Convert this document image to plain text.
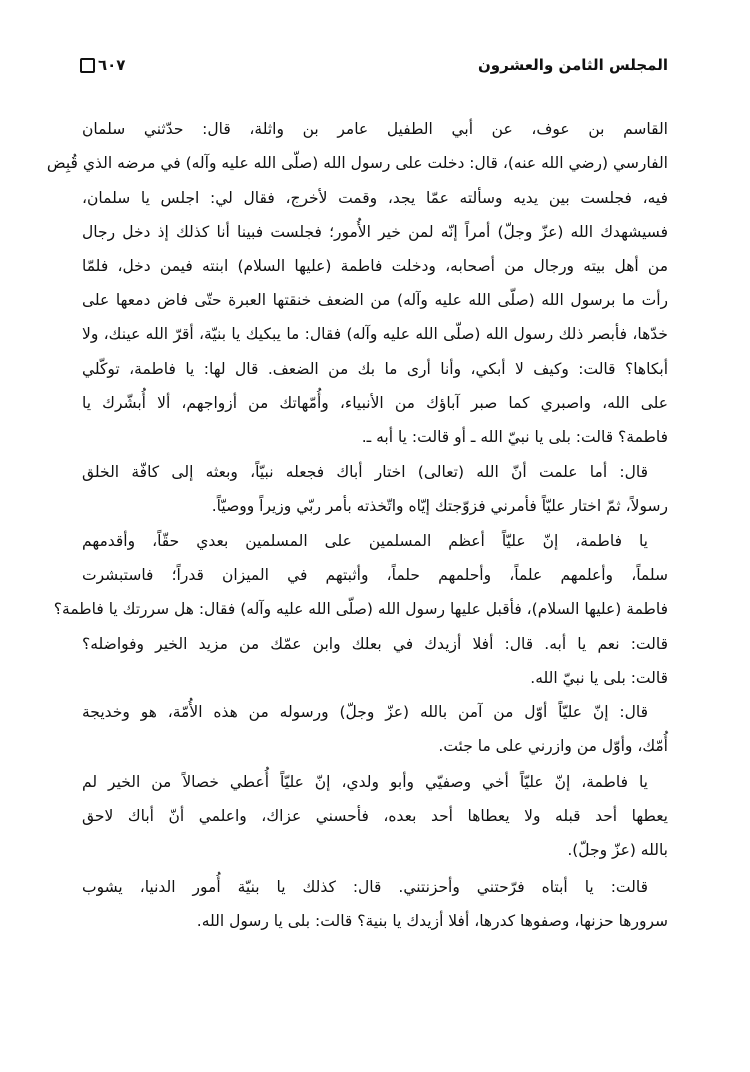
المجلس الثامن والعشرون
٦٠٧
القاسم بن عوف، عن أبي الطفيل عامر بن واثلة، قال: حدّثني سلمان
الفارسي (رضي الله عنه)، قال: دخلت على رسول الله (صلّى الله عليه وآله) في مرضه الذي قُبِض
فيه، فجلست بين يديه وسألته عمّا يجد، وقمت لأخرج، فقال لي: اجلس يا سلمان،
فسيشهدك الله (عزّ وجلّ) أمراً إنّه لمن خير الأُمور؛ فجلست فبينا أنا كذلك إذ دخل رجال
من أهل بيته ورجال من أصحابه، ودخلت فاطمة (عليها السلام) ابنته فيمن دخل، فلمّا
رأت ما برسول الله (صلّى الله عليه وآله) من الضعف خنقتها العبرة حتّى فاض دمعها على
خدّها، فأبصر ذلك رسول الله (صلّى الله عليه وآله) فقال: ما يبكيك يا بنيّة، أقرّ الله عينك، ولا
أبكاها؟ قالت: وكيف لا أبكي، وأنا أرى ما بك من الضعف. قال لها: يا فاطمة، توكّلي
على الله، واصبري كما صبر آباؤك من الأنبياء، وأُمّهاتك من أزواجهم، ألا أُبشّرك يا
فاطمة؟ قالت: بلى يا نبيّ الله ـ أو قالت: يا أبه ـ.
قال: أما علمت أنّ الله (تعالى) اختار أباك فجعله نبيّاً، وبعثه إلى كافّة الخلق
رسولاً، ثمّ اختار عليّاً فأمرني فزوّجتك إيّاه واتّخذته بأمر ربّي وزيراً ووصيّاً.
يا فاطمة، إنّ عليّاً أعظم المسلمين على المسلمين بعدي حقّاً، وأقدمهم
سلماً، وأعلمهم علماً، وأحلمهم حلماً، وأثبتهم في الميزان قدراً؛ فاستبشرت
فاطمة (عليها السلام)، فأقبل عليها رسول الله (صلّى الله عليه وآله) فقال: هل سررتك يا فاطمة؟
قالت: نعم يا أبه. قال: أفلا أزيدك في بعلك وابن عمّك من مزيد الخير وفواضله؟
قالت: بلى يا نبيّ الله.
قال: إنّ عليّاً أوّل من آمن بالله (عزّ وجلّ) ورسوله من هذه الأُمّة، هو وخديجة
أُمّك، وأوّل من وازرني على ما جئت.
يا فاطمة، إنّ عليّاً أخي وصفيّي وأبو ولدي، إنّ عليّاً أُعطي خصالاً من الخير لم
يعطها أحد قبله ولا يعطاها أحد بعده، فأحسني عزاك، واعلمي أنّ أباك لاحق
بالله (عزّ وجلّ).
قالت: يا أبتاه فرّحتني وأحزنتني. قال: كذلك يا بنيّة أُمور الدنيا، يشوب
سرورها حزنها، وصفوها كدرها، أفلا أزيدك يا بنية؟ قالت: بلى يا رسول الله.
